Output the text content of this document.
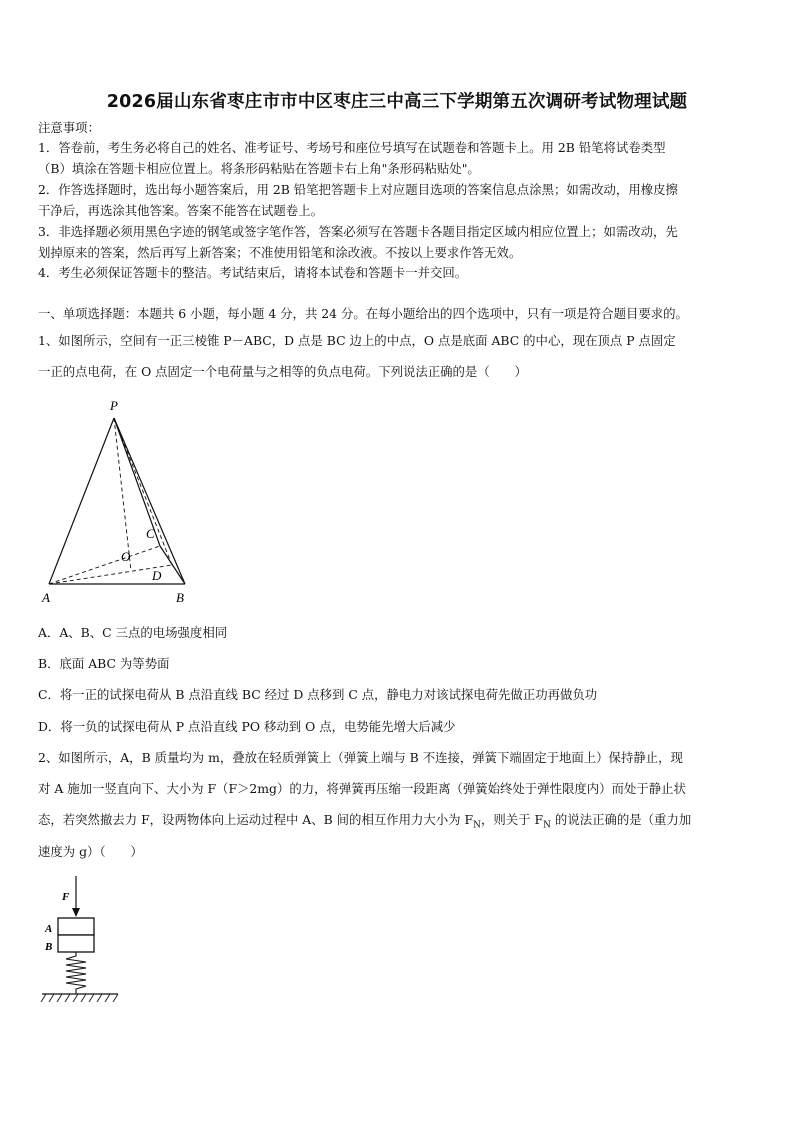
2026届山东省枣庄市市中区枣庄三中高三下学期第五次调研考试物理试题
注意事项：
1．答卷前，考生务必将自己的姓名、准考证号、考场号和座位号填写在试题卷和答题卡上。用 2B 铅笔将试卷类型
（B）填涂在答题卡相应位置上。将条形码粘贴在答题卡右上角"条形码粘贴处"。
2．作答选择题时，选出每小题答案后，用 2B 铅笔把答题卡上对应题目选项的答案信息点涂黑；如需改动，用橡皮擦
干净后，再选涂其他答案。答案不能答在试题卷上。
3．非选择题必须用黑色字迹的钢笔或签字笔作答，答案必须写在答题卡各题目指定区域内相应位置上；如需改动，先
划掉原来的答案，然后再写上新答案；不准使用铅笔和涂改液。不按以上要求作答无效。
4．考生必须保证答题卡的整洁。考试结束后，请将本试卷和答题卡一并交回。
一、单项选择题：本题共 6 小题，每小题 4 分，共 24 分。在每小题给出的四个选项中，只有一项是符合题目要求的。
1、如图所示，空间有一正三棱锥 P－ABC，D 点是 BC 边上的中点，O 点是底面 ABC 的中心，现在顶点 P 点固定
一正的点电荷，在 O 点固定一个电荷量与之相等的负点电荷。下列说法正确的是（　　）
P
A	B
C
O
D
A．A、B、C 三点的电场强度相同
B．底面 ABC 为等势面
C．将一正的试探电荷从 B 点沿直线 BC 经过 D 点移到 C 点，静电力对该试探电荷先做正功再做负功
D．将一负的试探电荷从 P 点沿直线 PO 移动到 O 点，电势能先增大后减少
2、如图所示，A，B 质量均为 m，叠放在轻质弹簧上（弹簧上端与 B 不连接，弹簧下端固定于地面上）保持静止，现
对 A 施加一竖直向下、大小为 F（F＞2mg）的力，将弹簧再压缩一段距离（弹簧始终处于弹性限度内）而处于静止状
态，若突然撤去力 F，设两物体向上运动过程中 A、B 间的相互作用力大小为 $F_N$，则关于 $F_N$ 的说法正确的是（重力加
速度为 g）（　　）
F
A
B
